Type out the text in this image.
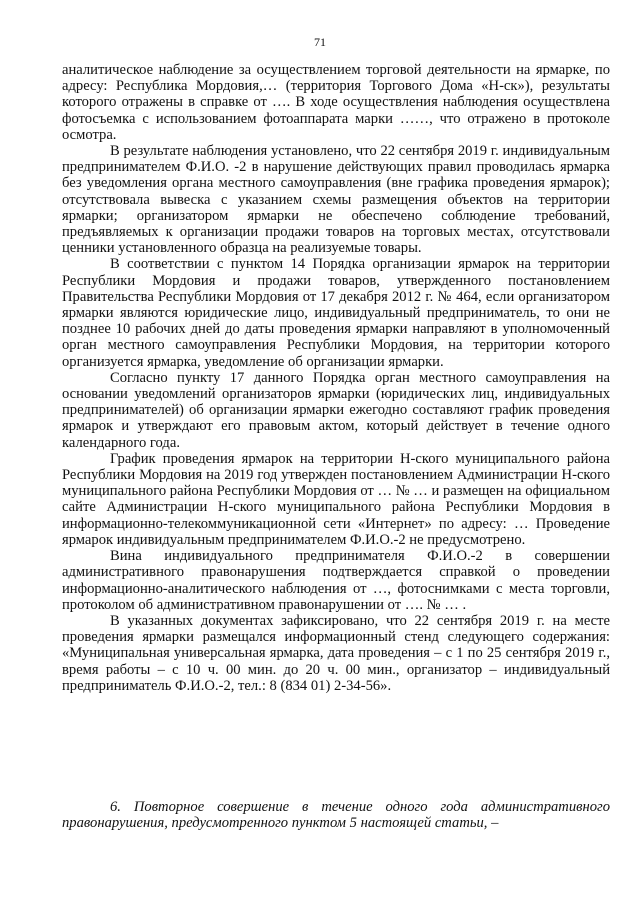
71

аналитическое наблюдение за осуществлением торговой деятельности на ярмарке, по адресу: Республика Мордовия,… (территория Торгового Дома «Н-ск»), результаты которого отражены в справке от …. В ходе осуществления наблюдения осуществлена фотосъемка с использованием фотоаппарата марки ……, что отражено в протоколе осмотра.

В результате наблюдения установлено, что 22 сентября 2019 г. индивидуальным предпринимателем Ф.И.О. -2 в нарушение действующих правил проводилась ярмарка без уведомления органа местного самоуправления (вне графика проведения ярмарок); отсутствовала вывеска с указанием схемы размещения объектов на территории ярмарки; организатором ярмарки не обеспечено соблюдение требований, предъявляемых к организации продажи товаров на торговых местах, отсутствовали ценники установленного образца на реализуемые товары.

В соответствии с пунктом 14 Порядка организации ярмарок на территории Республики Мордовия и продажи товаров, утвержденного постановлением Правительства Республики Мордовия от 17 декабря 2012 г. № 464, если организатором ярмарки являются юридические лицо, индивидуальный предприниматель, то они не позднее 10 рабочих дней до даты проведения ярмарки направляют в уполномоченный орган местного самоуправления Республики Мордовия, на территории которого организуется ярмарка, уведомление об организации ярмарки.

Согласно пункту 17 данного Порядка орган местного самоуправления на основании уведомлений организаторов ярмарки (юридических лиц, индивидуальных предпринимателей) об организации ярмарки ежегодно составляют график проведения ярмарок и утверждают его правовым актом, который действует в течение одного календарного года.

График проведения ярмарок на территории Н-ского муниципального района Республики Мордовия на 2019 год утвержден постановлением Администрации Н-ского муниципального района Республики Мордовия от … № … и размещен на официальном сайте Администрации Н-ского муниципального района Республики Мордовия в информационно-телекоммуникационной сети «Интернет» по адресу: … Проведение ярмарок индивидуальным предпринимателем Ф.И.О.-2 не предусмотрено.

Вина индивидуального предпринимателя Ф.И.О.-2 в совершении административного правонарушения подтверждается справкой о проведении информационно-аналитического наблюдения от …, фотоснимками с места торговли, протоколом об административном правонарушении от …. № … .

В указанных документах зафиксировано, что 22 сентября 2019 г. на месте проведения ярмарки размещался информационный стенд следующего содержания: «Муниципальная универсальная ярмарка, дата проведения – с 1 по 25 сентября 2019 г., время работы – с 10 ч. 00 мин. до 20 ч. 00 мин., организатор – индивидуальный предприниматель Ф.И.О.-2, тел.: 8 (834 01) 2-34-56».

6. Повторное совершение в течение одного года административного правонарушения, предусмотренного пунктом 5 настоящей статьи, –
